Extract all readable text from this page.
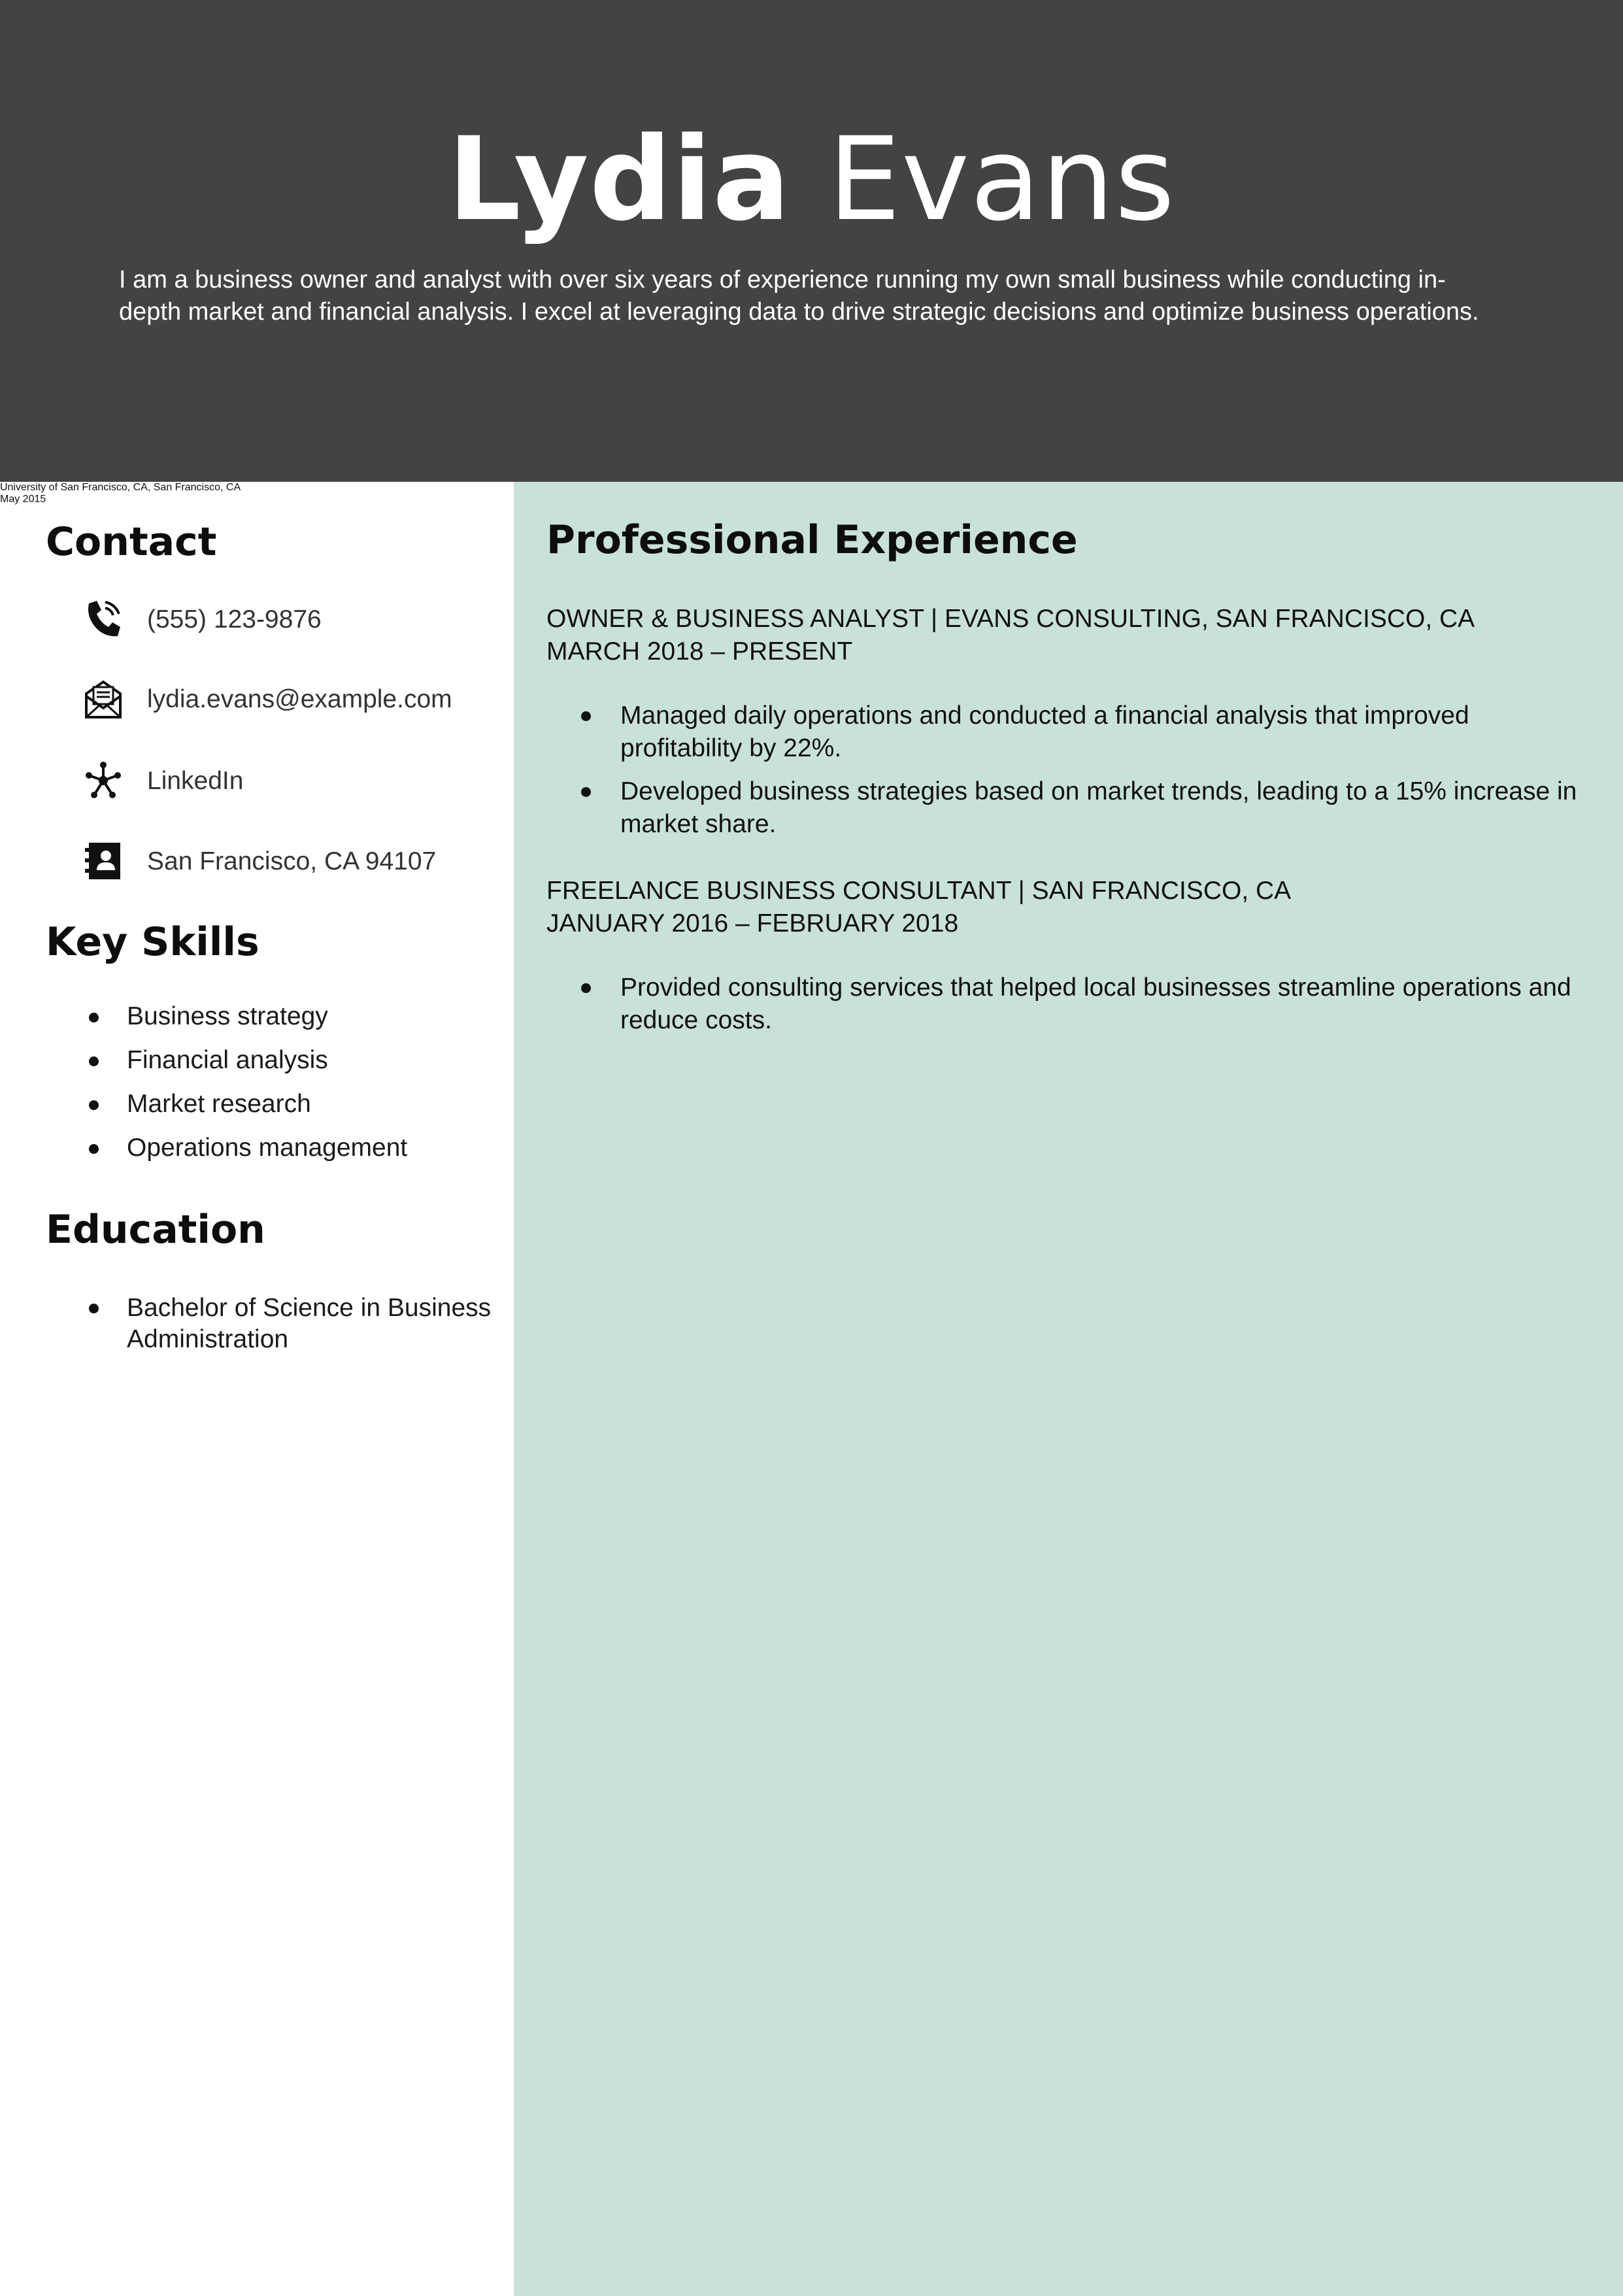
Lydia Evans
I am a business owner and analyst with over six years of experience running my own small business while conducting in-depth market and financial analysis. I excel at leveraging data to drive strategic decisions and optimize business operations.
Contact
(555) 123-9876
lydia.evans@example.com
LinkedIn
San Francisco, CA 94107
Key Skills
Business strategy
Financial analysis
Market research
Operations management
Education
Bachelor of Science in Business Administration
University of San Francisco, CA, San Francisco, CA
May 2015
Professional Experience
OWNER & BUSINESS ANALYST | EVANS CONSULTING, SAN FRANCISCO, CA
MARCH 2018 – PRESENT
Managed daily operations and conducted a financial analysis that improved profitability by 22%.
Developed business strategies based on market trends, leading to a 15% increase in market share.
FREELANCE BUSINESS CONSULTANT | SAN FRANCISCO, CA
JANUARY 2016 – FEBRUARY 2018
Provided consulting services that helped local businesses streamline operations and reduce costs.
